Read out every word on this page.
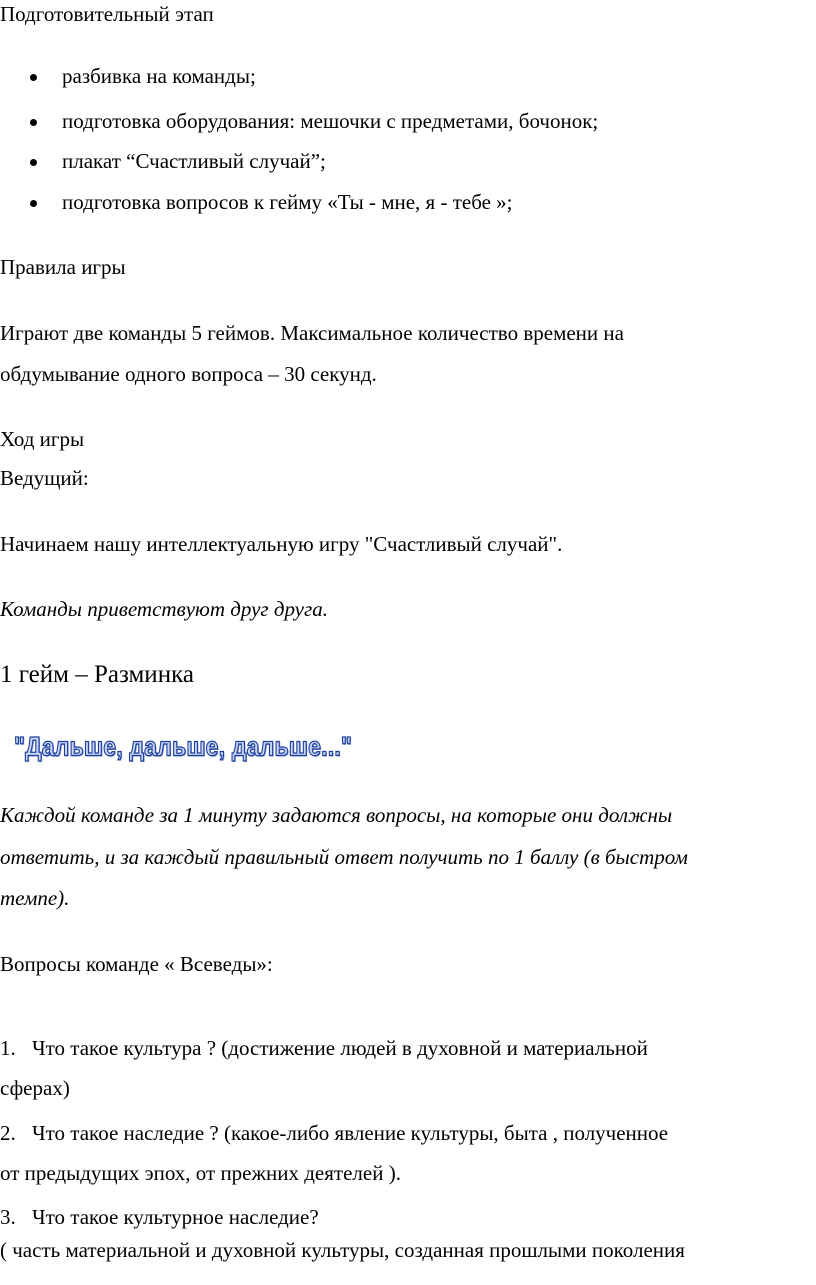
Подготовительный этап

разбивка на команды;
подготовка оборудования: мешочки с предметами, бочонок;
плакат “Счастливый случай”;
подготовка вопросов к гейму «Ты - мне, я - тебе »;

Правила игры

Играют две команды 5 геймов. Максимальное количество времени на

обдумывание одного вопроса – 30 секунд.

Ход игры

Ведущий:

Начинаем нашу интеллектуальную игру "Счастливый случай".

Команды приветствуют друг друга.

1 гейм – Разминка

"Дальше, дальше, дальше..."

Каждой команде за 1 минуту задаются вопросы, на которые они должны

ответить, и за каждый правильный ответ получить по 1 баллу (в быстром

темпе).

Вопросы команде « Всеведы»:

1. Что такое культура ? (достижение людей в духовной и материальной

сферах)

2. Что такое наследие ? (какое-либо явление культуры, быта , полученное

от предыдущих эпох, от прежних деятелей ).

3. Что такое культурное наследие?

( часть материальной и духовной культуры, созданная прошлыми поколения
